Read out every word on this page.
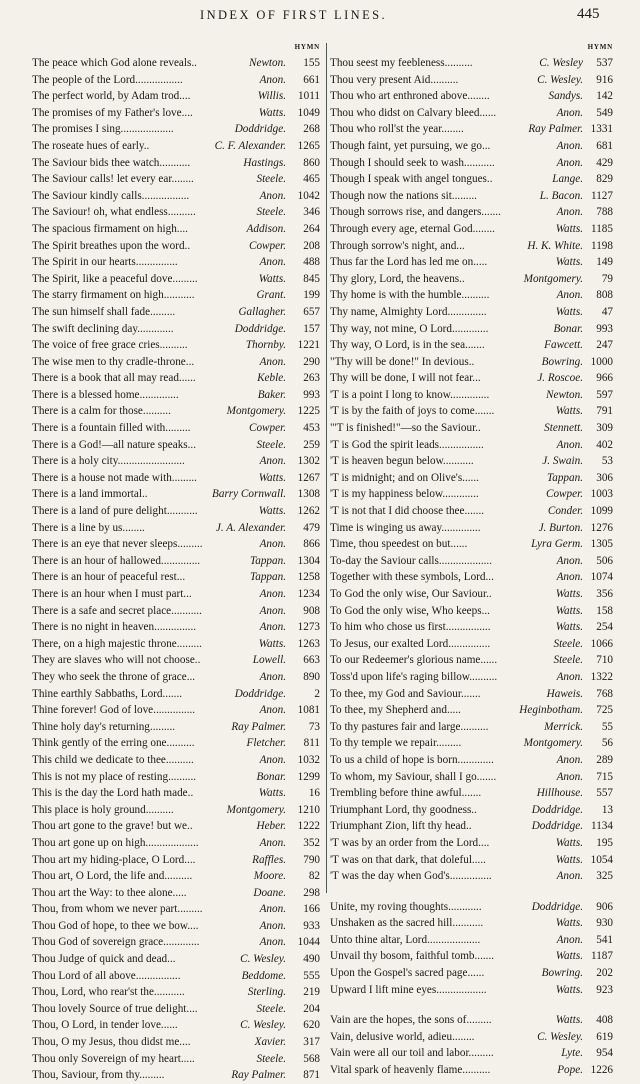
INDEX OF FIRST LINES.	445
HYMN
The peace which God alone reveals..	Newton.	155
The people of the Lord.................	Anon.	661
The perfect world, by Adam trod....	Willis.	1011
The promises of my Father's love....	Watts.	1049
The promises I sing...................	Doddridge.	268
The roseate hues of early..	C. F. Alexander.	1265
The Saviour bids thee watch...........	Hastings.	860
The Saviour calls! let every ear........	Steele.	465
The Saviour kindly calls.................	Anon.	1042
The Saviour! oh, what endless..........	Steele.	346
The spacious firmament on high....	Addison.	264
The Spirit breathes upon the word..	Cowper.	208
The Spirit in our hearts...............	Anon.	488
The Spirit, like a peaceful dove.........	Watts.	845
The starry firmament on high...........	Grant.	199
The sun himself shall fade.........	Gallagher.	657
The swift declining day.............	Doddridge.	157
The voice of free grace cries..........	Thornby.	1221
The wise men to thy cradle-throne...	Anon.	290
There is a book that all may read......	Keble.	263
There is a blessed home..............	Baker.	993
There is a calm for those..........	Montgomery.	1225
There is a fountain filled with.........	Cowper.	453
There is a God!—all nature speaks...	Steele.	259
There is a holy city........................	Anon.	1302
There is a house not made with.........	Watts.	1267
There is a land immortal..	Barry Cornwall.	1308
There is a land of pure delight...........	Watts.	1262
There is a line by us........	J. A. Alexander.	479
There is an eye that never sleeps.........	Anon.	866
There is an hour of hallowed..............	Tappan.	1304
There is an hour of peaceful rest...	Tappan.	1258
There is an hour when I must part...	Anon.	1234
There is a safe and secret place...........	Anon.	908
There is no night in heaven...............	Anon.	1273
There, on a high majestic throne.........	Watts.	1263
They are slaves who will not choose..	Lowell.	663
They who seek the throne of grace...	Anon.	890
Thine earthly Sabbaths, Lord.......	Doddridge.	2
Thine forever! God of love...............	Anon.	1081
Thine holy day's returning.........	Ray Palmer.	73
Think gently of the erring one..........	Fletcher.	811
This child we dedicate to thee..........	Anon.	1032
This is not my place of resting..........	Bonar.	1299
This is the day the Lord hath made..	Watts.	16
This place is holy ground..........	Montgomery.	1210
Thou art gone to the grave! but we..	Heber.	1222
Thou art gone up on high...................	Anon.	352
Thou art my hiding-place, O Lord....	Raffles.	790
Thou art, O Lord, the life and..........	Moore.	82
Thou art the Way: to thee alone.....	Doane.	298
Thou, from whom we never part.........	Anon.	166
Thou God of hope, to thee we bow....	Anon.	933
Thou God of sovereign grace.............	Anon.	1044
Thou Judge of quick and dead...	C. Wesley.	490
Thou Lord of all above................	Beddome.	555
Thou, Lord, who rear'st the...........	Sterling.	219
Thou lovely Source of true delight....	Steele.	204
Thou, O Lord, in tender love......	C. Wesley.	620
Thou, O my Jesus, thou didst me....	Xavier.	317
Thou only Sovereign of my heart.....	Steele.	568
Thou, Saviour, from thy.........	Ray Palmer.	871
HYMN
Thou seest my feebleness..........	C. Wesley	537
Thou very present Aid..........	C. Wesley.	916
Thou who art enthroned above........	Sandys.	142
Thou who didst on Calvary bleed......	Anon.	549
Thou who roll'st the year........	Ray Palmer. 1331
Though faint, yet pursuing, we go...	Anon.	681
Though I should seek to wash...........	Anon.	429
Though I speak with angel tongues..	Lange.	829
Though now the nations sit.........	L. Bacon. 1127
Though sorrows rise, and dangers.......	Anon.	788
Through every age, eternal God........	Watts. 1185
Through sorrow's night, and...	H. K. White. 1198
Thus far the Lord has led me on.....	Watts.	149
Thy glory, Lord, the heavens..	Montgomery.	79
Thy home is with the humble..........	Anon.	808
Thy name, Almighty Lord..............	Watts.	47
Thy way, not mine, O Lord.............	Bonar.	993
Thy way, O Lord, is in the sea.......	Fawcett.	247
"Thy will be done!" In devious..	Bowring. 1000
Thy will be done, I will not fear...	J. Roscoe.	966
'T is a point I long to know..............	Newton.	597
'T is by the faith of joys to come.......	Watts.	791
"'T is finished!"—so the Saviour..	Stennett.	309
'T is God the spirit leads................	Anon.	402
'T is heaven begun below...........	J. Swain.	53
'T is midnight; and on Olive's......	Tappan.	306
'T is my happiness below.............	Cowper. 1003
'T is not that I did choose thee.......	Conder. 1099
Time is winging us away..............	J. Burton. 1276
Time, thou speedest on but......	Lyra Germ. 1305
To-day the Saviour calls...................	Anon.	506
Together with these symbols, Lord...	Anon. 1074
To God the only wise, Our Saviour..	Watts.	356
To God the only wise, Who keeps...	Watts.	158
To him who chose us first................	Watts.	254
To Jesus, our exalted Lord...............	Steele. 1066
To our Redeemer's glorious name......	Steele.	710
Toss'd upon life's raging billow..........	Anon. 1322
To thee, my God and Saviour.......	Haweis.	768
To thee, my Shepherd and.....	Heginbotham.	725
To thy pastures fair and large..........	Merrick.	55
To thy temple we repair.........	Montgomery.	56
To us a child of hope is born.............	Anon.	289
To whom, my Saviour, shall I go.......	Anon.	715
Trembling before thine awful.......	Hillhouse.	557
Triumphant Lord, thy goodness..	Doddridge.	13
Triumphant Zion, lift thy head..	Doddridge. 1134
'T was by an order from the Lord....	Watts.	195
'T was on that dark, that doleful.....	Watts. 1054
'T was the day when God's...............	Anon.	325
Unite, my roving thoughts............	Doddridge.	906
Unshaken as the sacred hill...........	Watts.	930
Unto thine altar, Lord...................	Anon.	541
Unvail thy bosom, faithful tomb.......	Watts. 1187
Upon the Gospel's sacred page......	Bowring.	202
Upward I lift mine eyes..................	Watts.	923
Vain are the hopes, the sons of.........	Watts.	408
Vain, delusive world, adieu........	C. Wesley.	619
Vain were all our toil and labor.........	Lyte.	954
Vital spark of heavenly flame..........	Pope. 1226
